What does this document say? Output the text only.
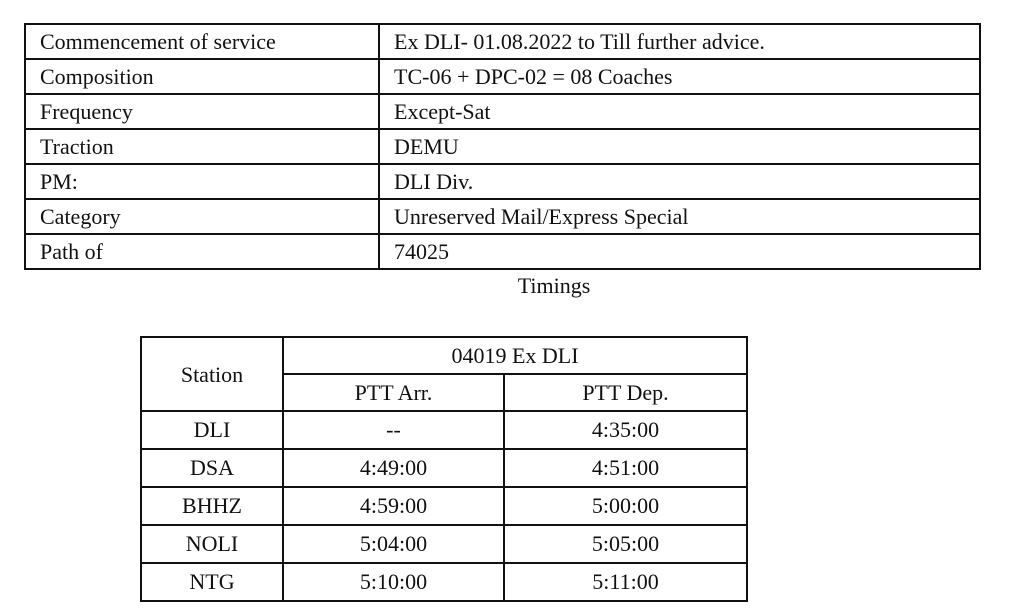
Commencement of service	Ex DLI- 01.08.2022 to Till further advice.
Composition	TC-06 + DPC-02 = 08 Coaches
Frequency	Except-Sat
Traction	DEMU
PM:	DLI Div.
Category	Unreserved Mail/Express Special
Path of	74025
Timings
Station	04019 Ex DLI	
	PTT Arr.	PTT Dep.
DLI	--	4:35:00
DSA	4:49:00	4:51:00
BHHZ	4:59:00	5:00:00
NOLI	5:04:00	5:05:00
NTG	5:10:00	5:11:00
